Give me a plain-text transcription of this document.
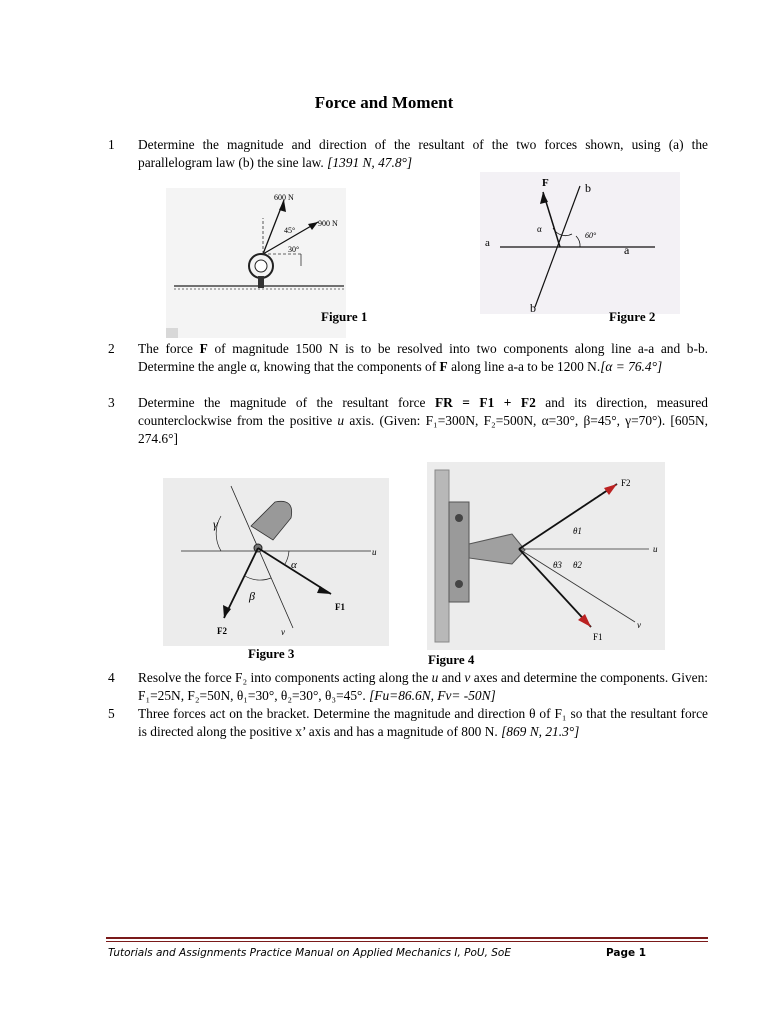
Force and Moment
1 Determine the magnitude and direction of the resultant of the two forces shown, using (a) the parallelogram law (b) the sine law. [1391 N, 47.8°]
600 N
900 N
45°
30°
Figure 1
F	b
a	a
b
α
60°
Figure 2
2 The force F of magnitude 1500 N is to be resolved into two components along line a-a and b-b. Determine the angle α, knowing that the components of F along line a-a to be 1200 N.[α = 76.4°]
3 Determine the magnitude of the resultant force FR = F1 + F2 and its direction, measured counterclockwise from the positive u axis. (Given: F₁=300N, F₂=500N, α=30°, β=45°, γ=70°). [605N, 274.6°]
γ
α
β
u
v
F1
F2
Figure 3
F2
F1
u
v
θ1
θ3 θ2
Figure 4
4 Resolve the force F₂ into components acting along the u and v axes and determine the components. Given: F₁=25N, F₂=50N, θ₁=30°, θ₂=30°, θ₃=45°. [Fu=86.6N, Fv= -50N]
5 Three forces act on the bracket. Determine the magnitude and direction θ of F₁ so that the resultant force is directed along the positive x’ axis and has a magnitude of 800 N. [869 N, 21.3°]
Tutorials and Assignments Practice Manual on Applied Mechanics I, PoU, SoE	Page 1
